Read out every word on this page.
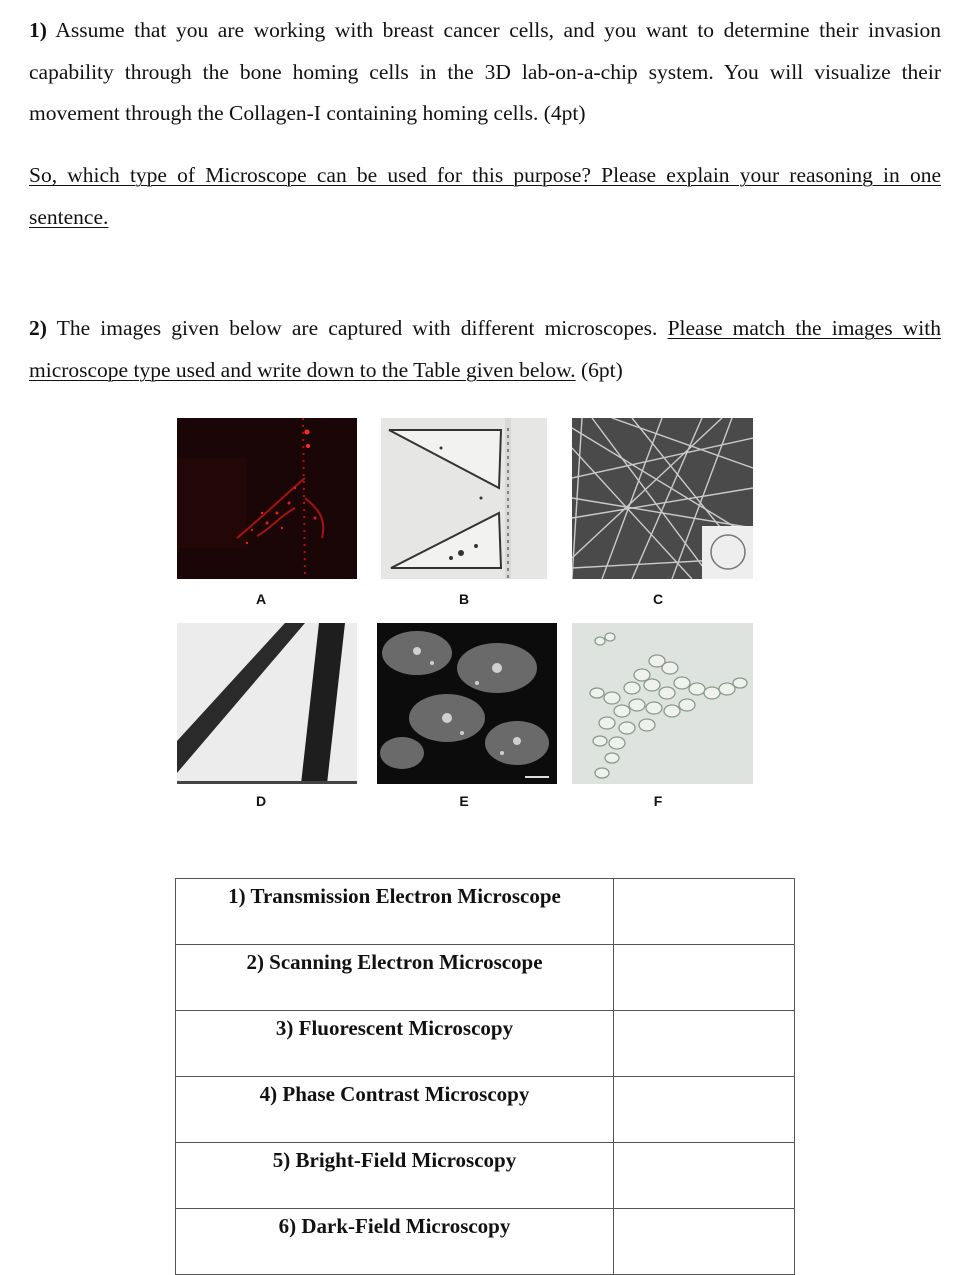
1) Assume that you are working with breast cancer cells, and you want to determine their invasion capability through the bone homing cells in the 3D lab-on-a-chip system. You will visualize their movement through the Collagen-I containing homing cells. (4pt)
So, which type of Microscope can be used for this purpose? Please explain your reasoning in one sentence.
2) The images given below are captured with different microscopes. Please match the images with microscope type used and write down to the Table given below. (6pt)
A	B	C
D	E	F
1) Transmission Electron Microscope	
2) Scanning Electron Microscope	
3) Fluorescent Microscopy	
4) Phase Contrast Microscopy	
5) Bright-Field Microscopy	
6) Dark-Field Microscopy	
